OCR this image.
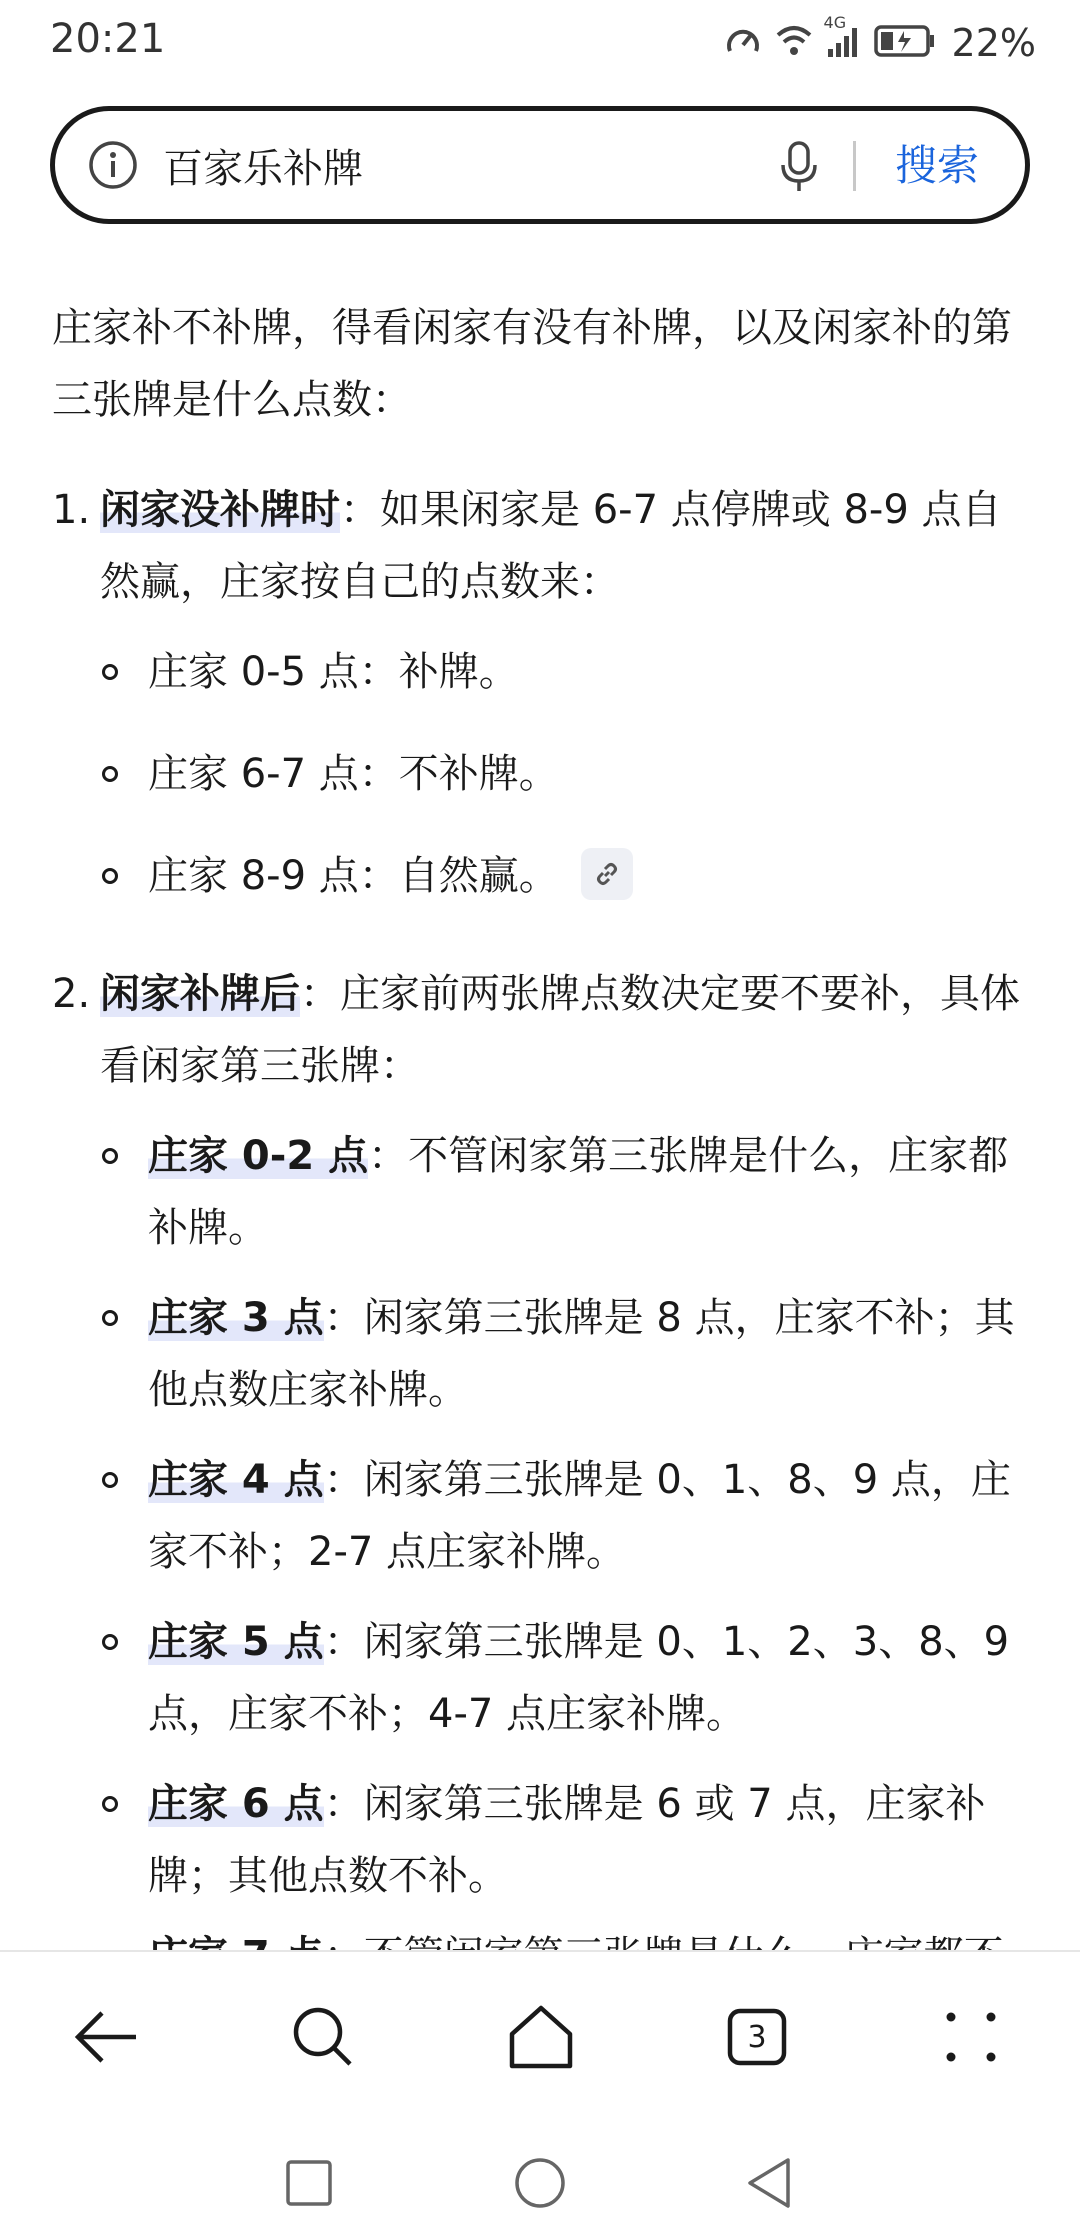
20:21	4G	22%
百家乐补牌
搜索
庄家补不补牌，得看闲家有没有补牌，以及闲家补的第三张牌是什么点数：
1. 闲家没补牌时：如果闲家是 6-7 点停牌或 8-9 点自然赢，庄家按自己的点数来：
庄家 0-5 点：补牌。
庄家 6-7 点：不补牌。
庄家 8-9 点：自然赢。
2. 闲家补牌后：庄家前两张牌点数决定要不要补，具体看闲家第三张牌：
庄家 0-2 点：不管闲家第三张牌是什么，庄家都补牌。
庄家 3 点：闲家第三张牌是 8 点，庄家不补；其他点数庄家补牌。
庄家 4 点：闲家第三张牌是 0、1、8、9 点，庄家不补；2-7 点庄家补牌。
庄家 5 点：闲家第三张牌是 0、1、2、3、8、9 点，庄家不补；4-7 点庄家补牌。
庄家 6 点：闲家第三张牌是 6 或 7 点，庄家补牌；其他点数不补。
3
